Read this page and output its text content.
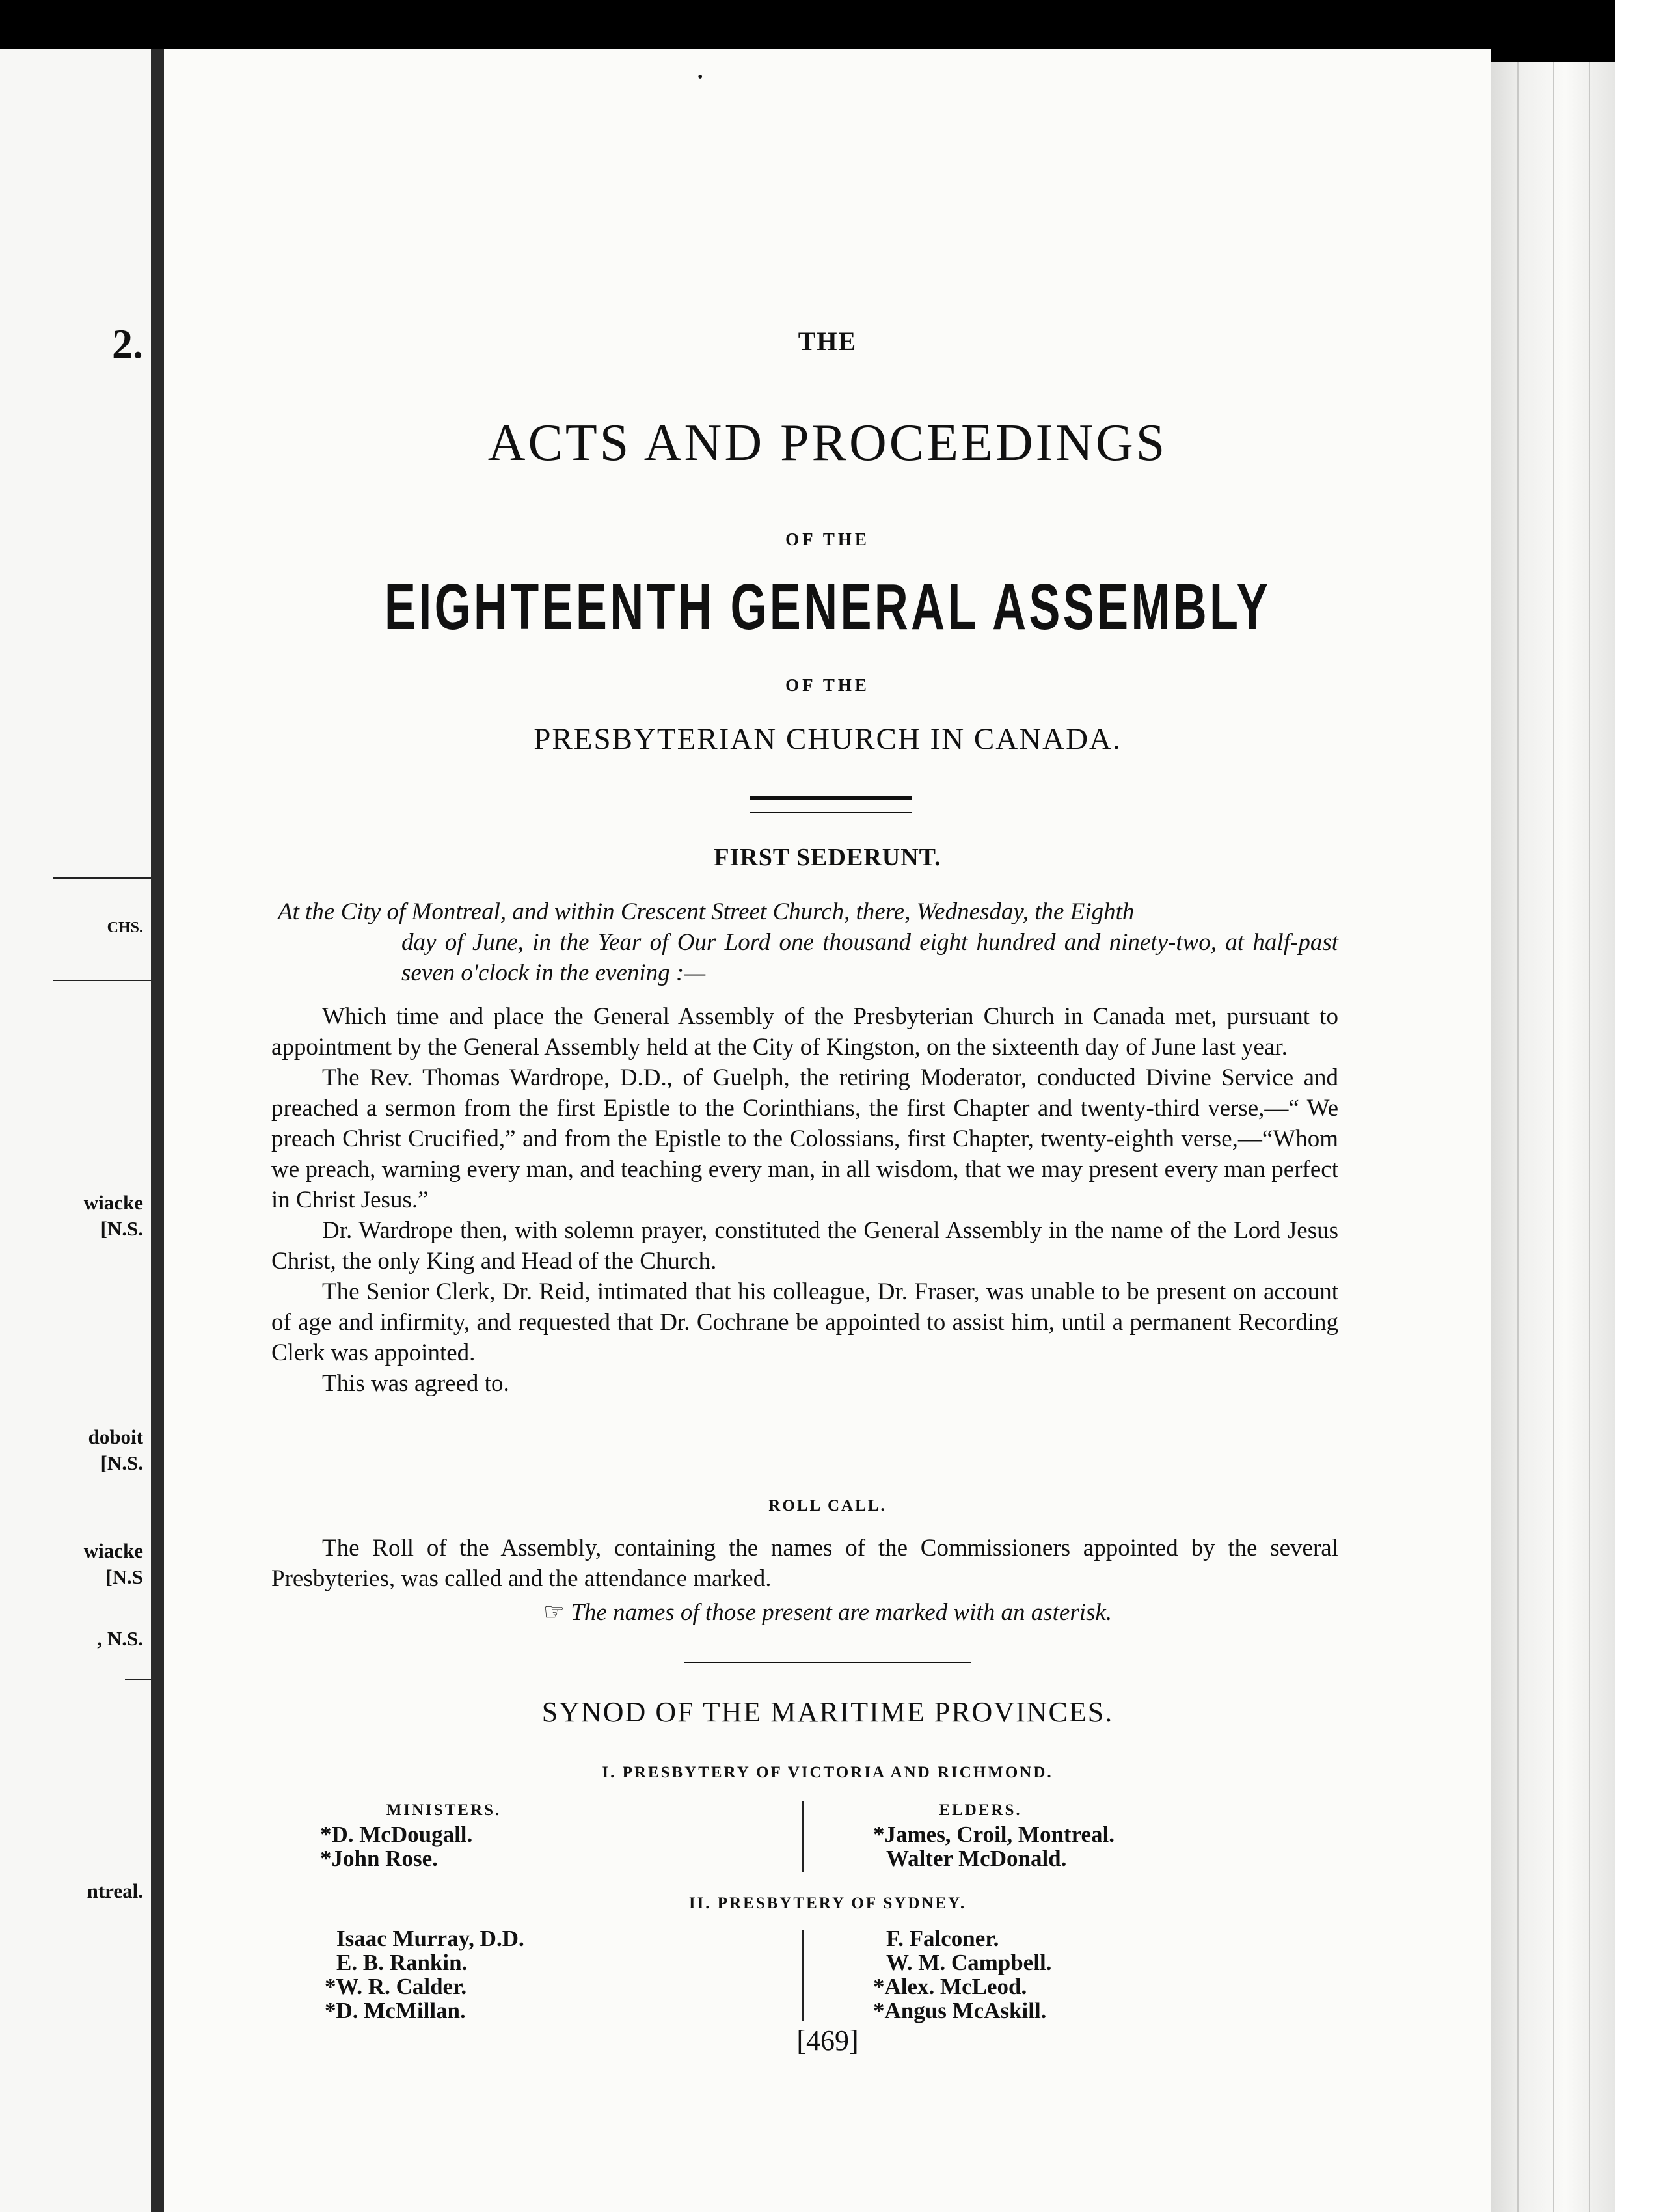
2.
CHS.
wiacke
[N.S.
doboit
[N.S.
wiacke
[N.S
, N.S.
ntreal.
•
THE
ACTS AND PROCEEDINGS
OF THE
EIGHTEENTH GENERAL ASSEMBLY
OF THE
PRESBYTERIAN CHURCH IN CANADA.
FIRST SEDERUNT.
At the City of Montreal, and within Crescent Street Church, there, Wednesday, the Eighth
day of June, in the Year of Our Lord one thousand eight hundred and ninety-two, at half-past seven o'clock in the evening :—

Which time and place the General Assembly of the Presbyterian Church in Canada met, pursuant to appointment by the General Assembly held at the City of Kingston, on the sixteenth day of June last year.

The Rev. Thomas Wardrope, D.D., of Guelph, the retiring Moderator, conducted Divine Service and preached a sermon from the first Epistle to the Corinthians, the first Chapter and twenty-third verse,—“ We preach Christ Crucified,” and from the Epistle to the Colossians, first Chapter, twenty-eighth verse,—“Whom we preach, warning every man, and teaching every man, in all wisdom, that we may present every man perfect in Christ Jesus.”

Dr. Wardrope then, with solemn prayer, constituted the General Assembly in the name of the Lord Jesus Christ, the only King and Head of the Church.

The Senior Clerk, Dr. Reid, intimated that his colleague, Dr. Fraser, was unable to be present on account of age and infirmity, and requested that Dr. Cochrane be appointed to assist him, until a permanent Recording Clerk was appointed.

This was agreed to.

ROLL CALL.

The Roll of the Assembly, containing the names of the Commissioners appointed by the several Presbyteries, was called and the attendance marked.

☞ The names of those present are marked with an asterisk.
SYNOD OF THE MARITIME PROVINCES.
I. PRESBYTERY OF VICTORIA AND RICHMOND.
MINISTERS.
*D. McDougall.
*John Rose.
ELDERS.
*James, Croil, Montreal.
Walter McDonald.
II. PRESBYTERY OF SYDNEY.
Isaac Murray, D.D.
E. B. Rankin.
*W. R. Calder.
*D. McMillan.
F. Falconer.
W. M. Campbell.
*Alex. McLeod.
*Angus McAskill.
[469]
